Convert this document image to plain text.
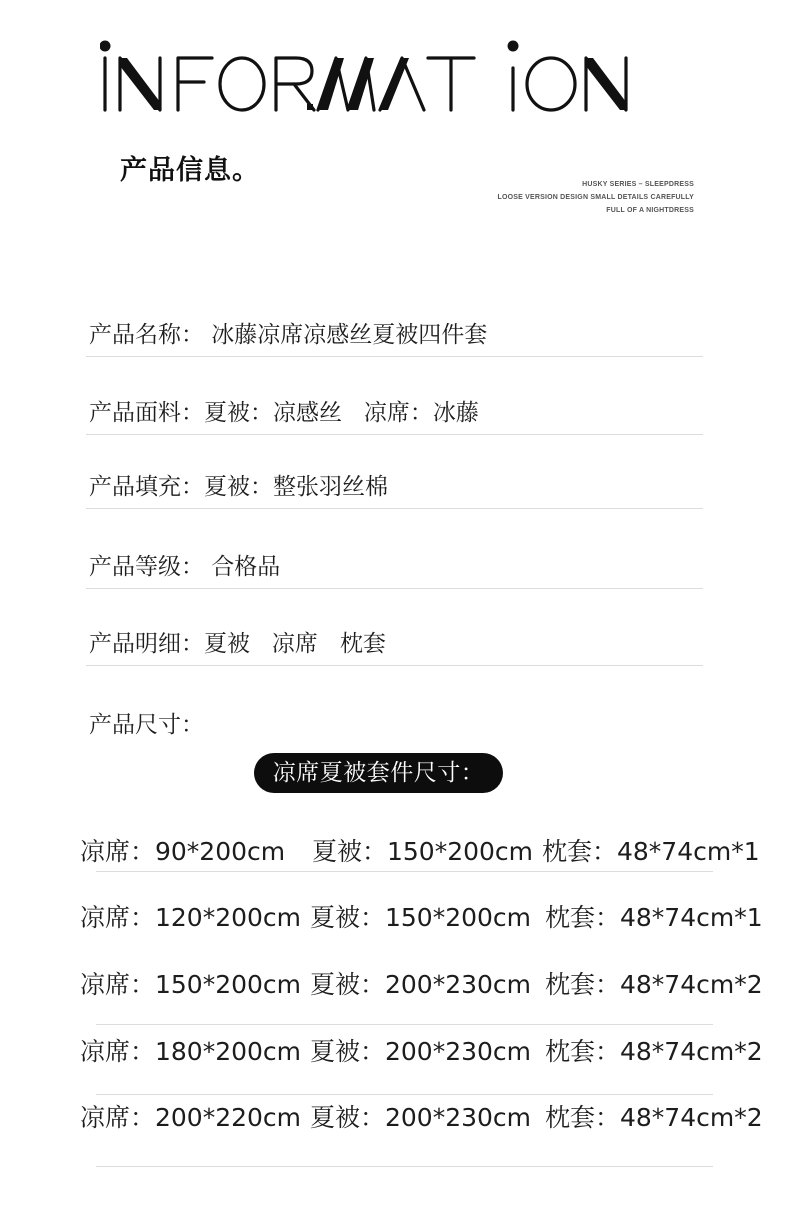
产品信息。	HUSKY SERIES – SLEEPDRESS
LOOSE VERSION DESIGN SMALL DETAILS CAREFULLY
FULL OF A NIGHTDRESS
产品名称： 冰藤凉席凉感丝夏被四件套
产品面料：夏被：凉感丝   凉席：冰藤
产品填充：夏被：整张羽丝棉
产品等级： 合格品
产品明细：夏被   凉席   枕套
产品尺寸：
凉席夏被套件尺寸：

凉席：90*200cm

夏被：150*200cm

枕套：48*74cm*1

凉席：120*200cm

夏被：150*200cm

枕套：48*74cm*1

凉席：150*200cm

夏被：200*230cm

枕套：48*74cm*2

凉席：180*200cm

夏被：200*230cm

枕套：48*74cm*2

凉席：200*220cm

夏被：200*230cm

枕套：48*74cm*2
